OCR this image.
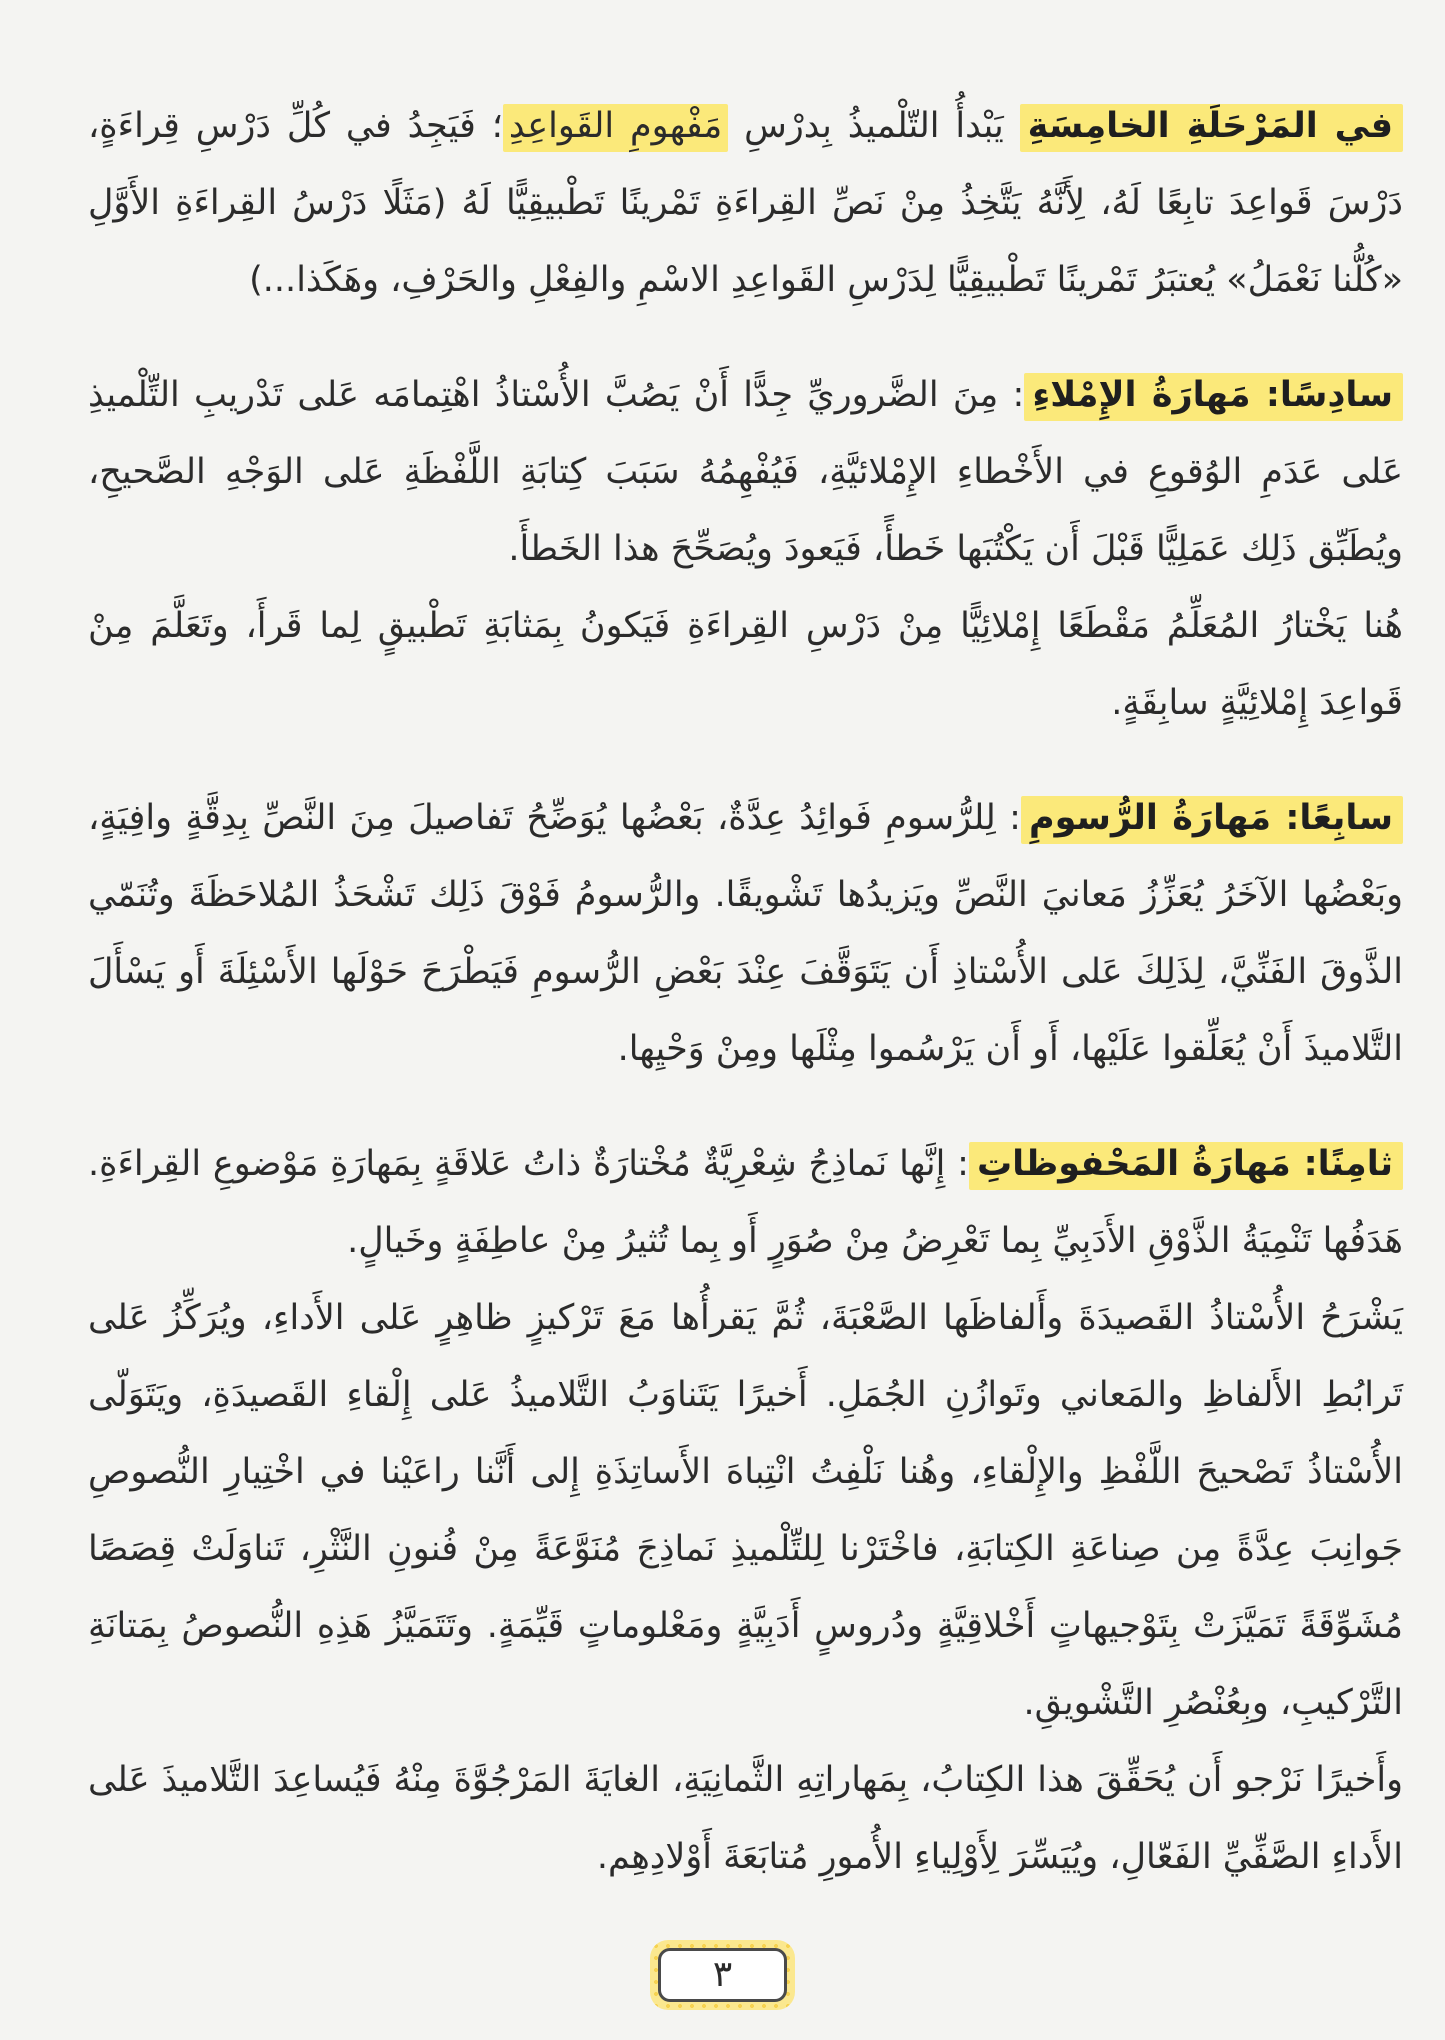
في المَرْحَلَةِ الخامِسَةِ يَبْدأُ التّلْميذُ بِدرْسِ مَفْهومِ القَواعِدِ؛ فَيَجِدُ في كُلِّ دَرْسِ قِراءَةٍ، دَرْسَ قَواعِدَ تابِعًا لَهُ، لِأَنَّهُ يَتَّخِذُ مِنْ نَصِّ القِراءَةِ تَمْرينًا تَطْبيقِيًّا لَهُ (مَثَلًا دَرْسُ القِراءَةِ الأَوَّلِ «كُلُّنا نَعْمَلُ» يُعتبَرُ تَمْرينًا تَطْبيقِيًّا لِدَرْسِ القَواعِدِ الاسْمِ والفِعْلِ والحَرْفِ، وهَكَذا...)

سادِسًا: مَهارَةُ الإِمْلاءِ: مِنَ الضَّروريِّ جِدًّا أَنْ يَصُبَّ الأُسْتاذُ اهْتِمامَه عَلى تَدْريبِ التِّلْميذِ عَلى عَدَمِ الوُقوعِ في الأَخْطاءِ الإِمْلائيَّةِ، فَيُفْهِمُهُ سَبَبَ كِتابَةِ اللَّفْظَةِ عَلى الوَجْهِ الصَّحيحِ، ويُطَبِّق ذَلِك عَمَلِيًّا قَبْلَ أَن يَكْتُبَها خَطأً، فَيَعودَ ويُصَحِّحَ هذا الخَطأَ.

هُنا يَخْتارُ المُعَلِّمُ مَقْطَعًا إِمْلائِيًّا مِنْ دَرْسِ القِراءَةِ فَيَكونُ بِمَثابَةِ تَطْبيقٍ لِما قَرأَ، وتَعَلَّمَ مِنْ قَواعِدَ إِمْلائِيَّةٍ سابِقَةٍ.

سابِعًا: مَهارَةُ الرُّسومِ: لِلرُّسومِ فَوائِدُ عِدَّةٌ، بَعْضُها يُوَضِّحُ تَفاصيلَ مِنَ النَّصِّ بِدِقَّةٍ وافِيَةٍ، وبَعْضُها الآخَرُ يُعَزِّزُ مَعانيَ النَّصِّ ويَزيدُها تَشْويقًا. والرُّسومُ فَوْقَ ذَلِك تَشْحَذُ المُلاحَظَةَ وتُنَمّي الذَّوقَ الفَنِّيَّ، لِذَلِكَ عَلى الأُسْتاذِ أَن يَتَوَقَّفَ عِنْدَ بَعْضِ الرُّسومِ فَيَطْرَحَ حَوْلَها الأَسْئِلَةَ أَو يَسْأَلَ التَّلاميذَ أَنْ يُعَلِّقوا عَلَيْها، أَو أَن يَرْسُموا مِثْلَها ومِنْ وَحْيِها.

ثامِنًا: مَهارَةُ المَحْفوظاتِ: إِنَّها نَماذِجُ شِعْرِيَّةٌ مُخْتارَةٌ ذاتُ عَلاقَةٍ بِمَهارَةِ مَوْضوعِ القِراءَةِ. هَدَفُها تَنْمِيَةُ الذَّوْقِ الأَدَبِيِّ بِما تَعْرِضُ مِنْ صُوَرٍ أَو بِما تُثيرُ مِنْ عاطِفَةٍ وخَيالٍ.

يَشْرَحُ الأُسْتاذُ القَصيدَةَ وأَلفاظَها الصَّعْبَةَ، ثُمَّ يَقرأُها مَعَ تَرْكيزٍ ظاهِرٍ عَلى الأَداءِ، ويُرَكِّزُ عَلى تَرابُطِ الأَلفاظِ والمَعاني وتَوازُنِ الجُمَلِ. أَخيرًا يَتَناوَبُ التَّلاميذُ عَلى إِلْقاءِ القَصيدَةِ، ويَتَوَلّى الأُسْتاذُ تَصْحيحَ اللَّفْظِ والإِلْقاءِ، وهُنا نَلْفِتُ انْتِباهَ الأَساتِذَةِ إِلى أَنَّنا راعَيْنا في اخْتِيارِ النُّصوصِ جَوانِبَ عِدَّةً مِن صِناعَةِ الكِتابَةِ، فاخْتَرْنا لِلتِّلْميذِ نَماذِجَ مُنَوَّعَةً مِنْ فُنونِ النَّثْرِ، تَناوَلَتْ قِصَصًا مُشَوِّقَةً تَمَيَّزَتْ بِتَوْجيهاتٍ أَخْلاقِيَّةٍ ودُروسٍ أَدَبِيَّةٍ ومَعْلوماتٍ قَيِّمَةٍ. وتَتَمَيَّزُ هَذِهِ النُّصوصُ بِمَتانَةِ التَّرْكيبِ، وبِعُنْصُرِ التَّشْويقِ.

وأَخيرًا نَرْجو أَن يُحَقِّقَ هذا الكِتابُ، بِمَهاراتِهِ الثَّمانِيَةِ، الغايَةَ المَرْجُوَّةَ مِنْهُ فَيُساعِدَ التَّلاميذَ عَلى الأَداءِ الصَّفِّيِّ الفَعّالِ، ويُيَسِّرَ لِأَوْلِياءِ الأُمورِ مُتابَعَةَ أَوْلادِهِم.

٣
